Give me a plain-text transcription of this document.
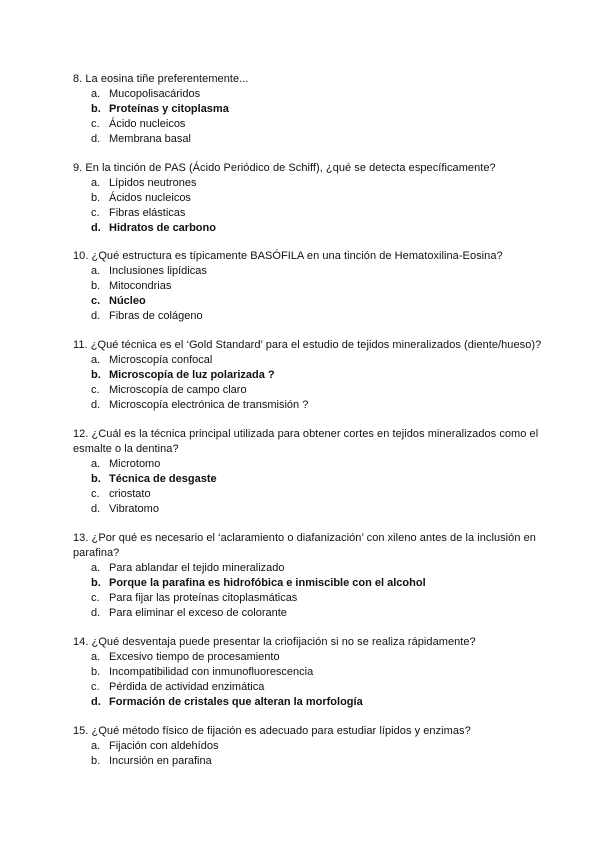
8. La eosina tiñe preferentemente...
a. Mucopolisacáridos
b. Proteínas y citoplasma
c. Ácido nucleicos
d. Membrana basal
9. En la tinción de PAS (Ácido Periódico de Schiff), ¿qué se detecta específicamente?
a. Lípidos neutrones
b. Ácidos nucleicos
c. Fibras elásticas
d. Hidratos de carbono
10. ¿Qué estructura es típicamente BASÓFILA en una tinción de Hematoxilina-Eosina?
a. Inclusiones lipídicas
b. Mitocondrias
c. Núcleo
d. Fibras de colágeno
11. ¿Qué técnica es el ‘Gold Standard’ para el estudio de tejidos mineralizados (diente/hueso)?
a. Microscopía confocal
b. Microscopía de luz polarizada ?
c. Microscopía de campo claro
d. Microscopía electrónica de transmisión ?
12. ¿Cuál es la técnica principal utilizada para obtener cortes en tejidos mineralizados como el esmalte o la dentina?
a. Microtomo
b. Técnica de desgaste
c. criostato
d. Vibratomo
13. ¿Por qué es necesario el ‘aclaramiento o diafanización’ con xileno antes de la inclusión en parafina?
a. Para ablandar el tejido mineralizado
b. Porque la parafina es hidrofóbica e inmiscible con el alcohol
c. Para fijar las proteínas citoplasmáticas
d. Para eliminar el exceso de colorante
14. ¿Qué desventaja puede presentar la criofijación si no se realiza rápidamente?
a. Excesivo tiempo de procesamiento
b. Incompatibilidad con inmunofluorescencia
c. Pérdida de actividad enzimática
d. Formación de cristales que alteran la morfología
15. ¿Qué método físico de fijación es adecuado para estudiar lípidos y enzimas?
a. Fijación con aldehídos
b. Incursión en parafina
